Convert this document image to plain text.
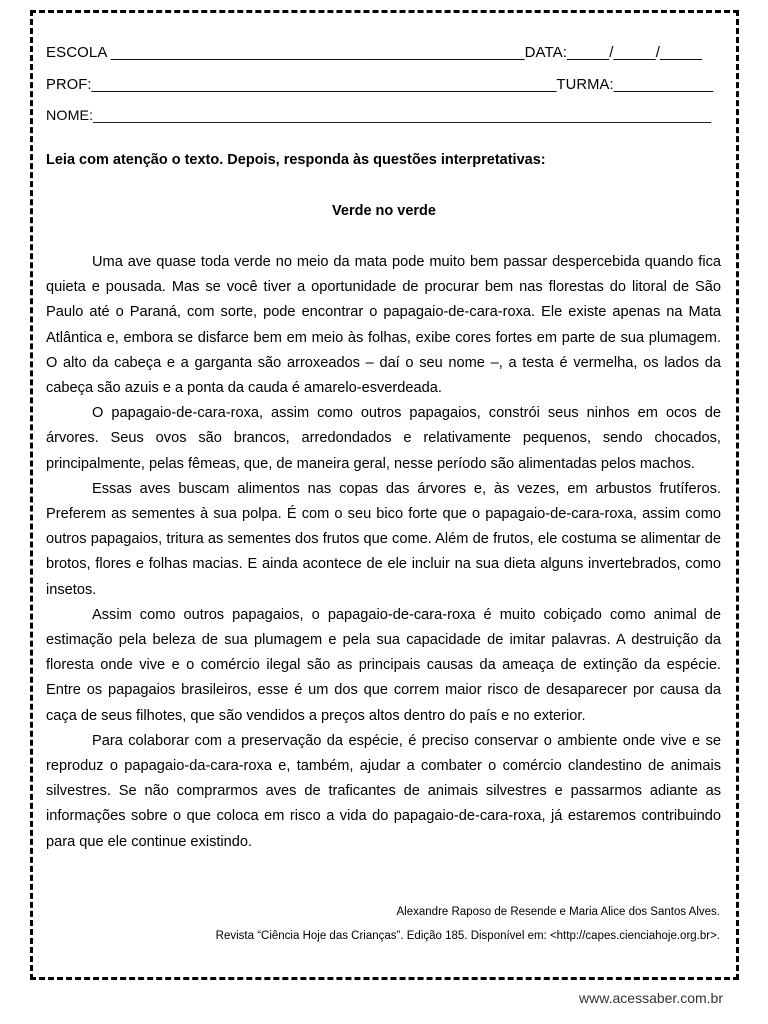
ESCOLA _________________________________________________DATA:_____/_____/_____
PROF:________________________________________________________TURMA:____________
NOME:_____________________________________________________________________________
Leia com atenção o texto. Depois, responda às questões interpretativas:
Verde no verde

Uma ave quase toda verde no meio da mata pode muito bem passar despercebida quando fica quieta e pousada. Mas se você tiver a oportunidade de procurar bem nas florestas do litoral de São Paulo até o Paraná, com sorte, pode encontrar o papagaio-de-cara-roxa. Ele existe apenas na Mata Atlântica e, embora se disfarce bem em meio às folhas, exibe cores fortes em parte de sua plumagem. O alto da cabeça e a garganta são arroxeados – daí o seu nome –, a testa é vermelha, os lados da cabeça são azuis e a ponta da cauda é amarelo-esverdeada.

O papagaio-de-cara-roxa, assim como outros papagaios, constrói seus ninhos em ocos de árvores. Seus ovos são brancos, arredondados e relativamente pequenos, sendo chocados, principalmente, pelas fêmeas, que, de maneira geral, nesse período são alimentadas pelos machos.

Essas aves buscam alimentos nas copas das árvores e, às vezes, em arbustos frutíferos. Preferem as sementes à sua polpa. É com o seu bico forte que o papagaio-de-cara-roxa, assim como outros papagaios, tritura as sementes dos frutos que come. Além de frutos, ele costuma se alimentar de brotos, flores e folhas macias. E ainda acontece de ele incluir na sua dieta alguns invertebrados, como insetos.

Assim como outros papagaios, o papagaio-de-cara-roxa é muito cobiçado como animal de estimação pela beleza de sua plumagem e pela sua capacidade de imitar palavras. A destruição da floresta onde vive e o comércio ilegal são as principais causas da ameaça de extinção da espécie. Entre os papagaios brasileiros, esse é um dos que correm maior risco de desaparecer por causa da caça de seus filhotes, que são vendidos a preços altos dentro do país e no exterior.

Para colaborar com a preservação da espécie, é preciso conservar o ambiente onde vive e se reproduz o papagaio-da-cara-roxa e, também, ajudar a combater o comércio clandestino de animais silvestres. Se não comprarmos aves de traficantes de animais silvestres e passarmos adiante as informações sobre o que coloca em risco a vida do papagaio-de-cara-roxa, já estaremos contribuindo para que ele continue existindo.

Alexandre Raposo de Resende e Maria Alice dos Santos Alves.
Revista “Ciência Hoje das Crianças”. Edição 185. Disponível em: <http://capes.cienciahoje.org.br>.
www.acessaber.com.br
